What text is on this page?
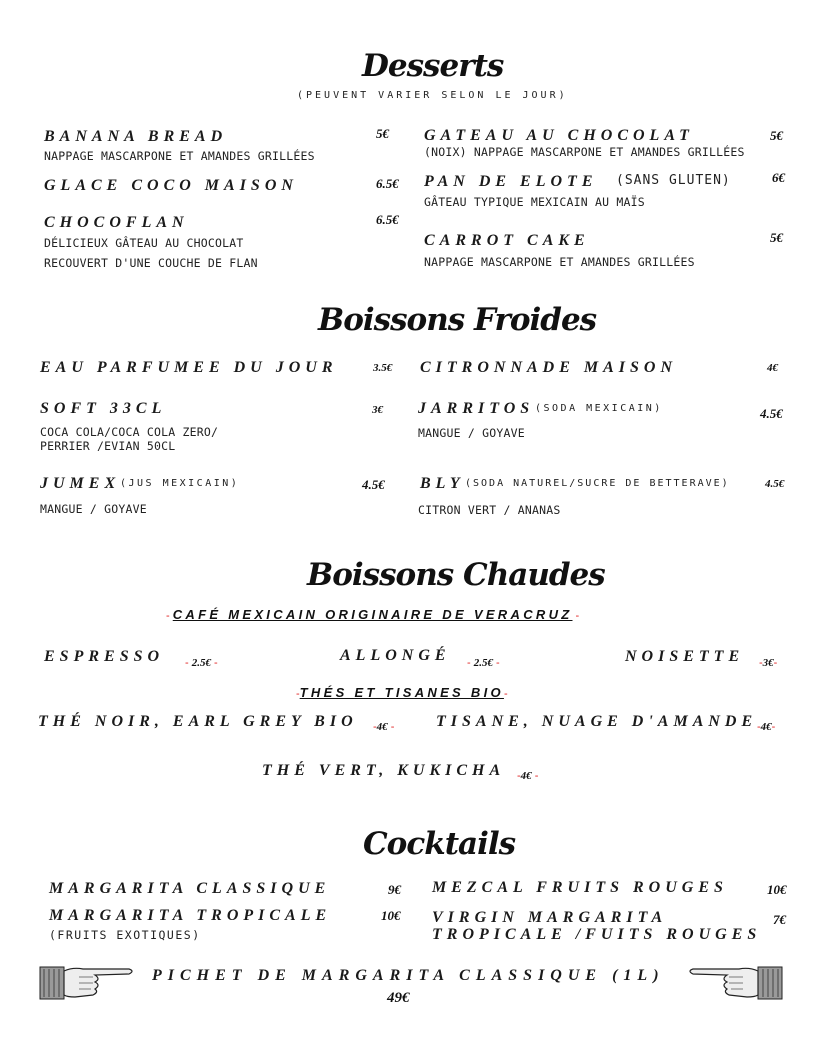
Desserts
(PEUVENT VARIER SELON LE JOUR)
BANANA BREAD	5€
NAPPAGE MASCARPONE ET AMANDES GRILLÉES
GLACE COCO MAISON	6.5€
CHOCOFLAN	6.5€
DÉLICIEUX GÂTEAU AU CHOCOLAT
RECOUVERT D'UNE COUCHE DE FLAN
GATEAU AU CHOCOLAT	5€
(NOIX) NAPPAGE MASCARPONE ET AMANDES GRILLÉES
PAN DE ELOTE (SANS GLUTEN)	6€
GÂTEAU TYPIQUE MEXICAIN AU MAÏS
CARROT CAKE	5€
NAPPAGE MASCARPONE ET AMANDES GRILLÉES
Boissons Froides
EAU PARFUMEE DU JOUR	3.5€
SOFT 33CL	3€
COCA COLA/COCA COLA ZERO/
PERRIER /EVIAN 50CL
JUMEX (JUS MEXICAIN)	4.5€
MANGUE / GOYAVE
CITRONNADE MAISON	4€
JARRITOS (SODA MEXICAIN)	4.5€
MANGUE / GOYAVE
BLY (SODA NATUREL/SUCRE DE BETTERAVE)	4.5€
CITRON VERT / ANANAS
Boissons Chaudes
- CAFÉ MEXICAIN ORIGINAIRE DE VERACRUZ -
ESPRESSO - 2.5€ -	ALLONGÉ - 2.5€ -	NOISETTE -3€-
-THÉS ET TISANES BIO-
THÉ NOIR, EARL GREY BIO -4€ -	TISANE, NUAGE D'AMANDE -4€-
THÉ VERT, KUKICHA -4€ -
Cocktails
MARGARITA CLASSIQUE	9€
MARGARITA TROPICALE	10€
(FRUITS EXOTIQUES)
MEZCAL FRUITS ROUGES	10€
VIRGIN MARGARITA
TROPICALE /FUITS ROUGES
7€
PICHET DE MARGARITA CLASSIQUE (1L)
49€
